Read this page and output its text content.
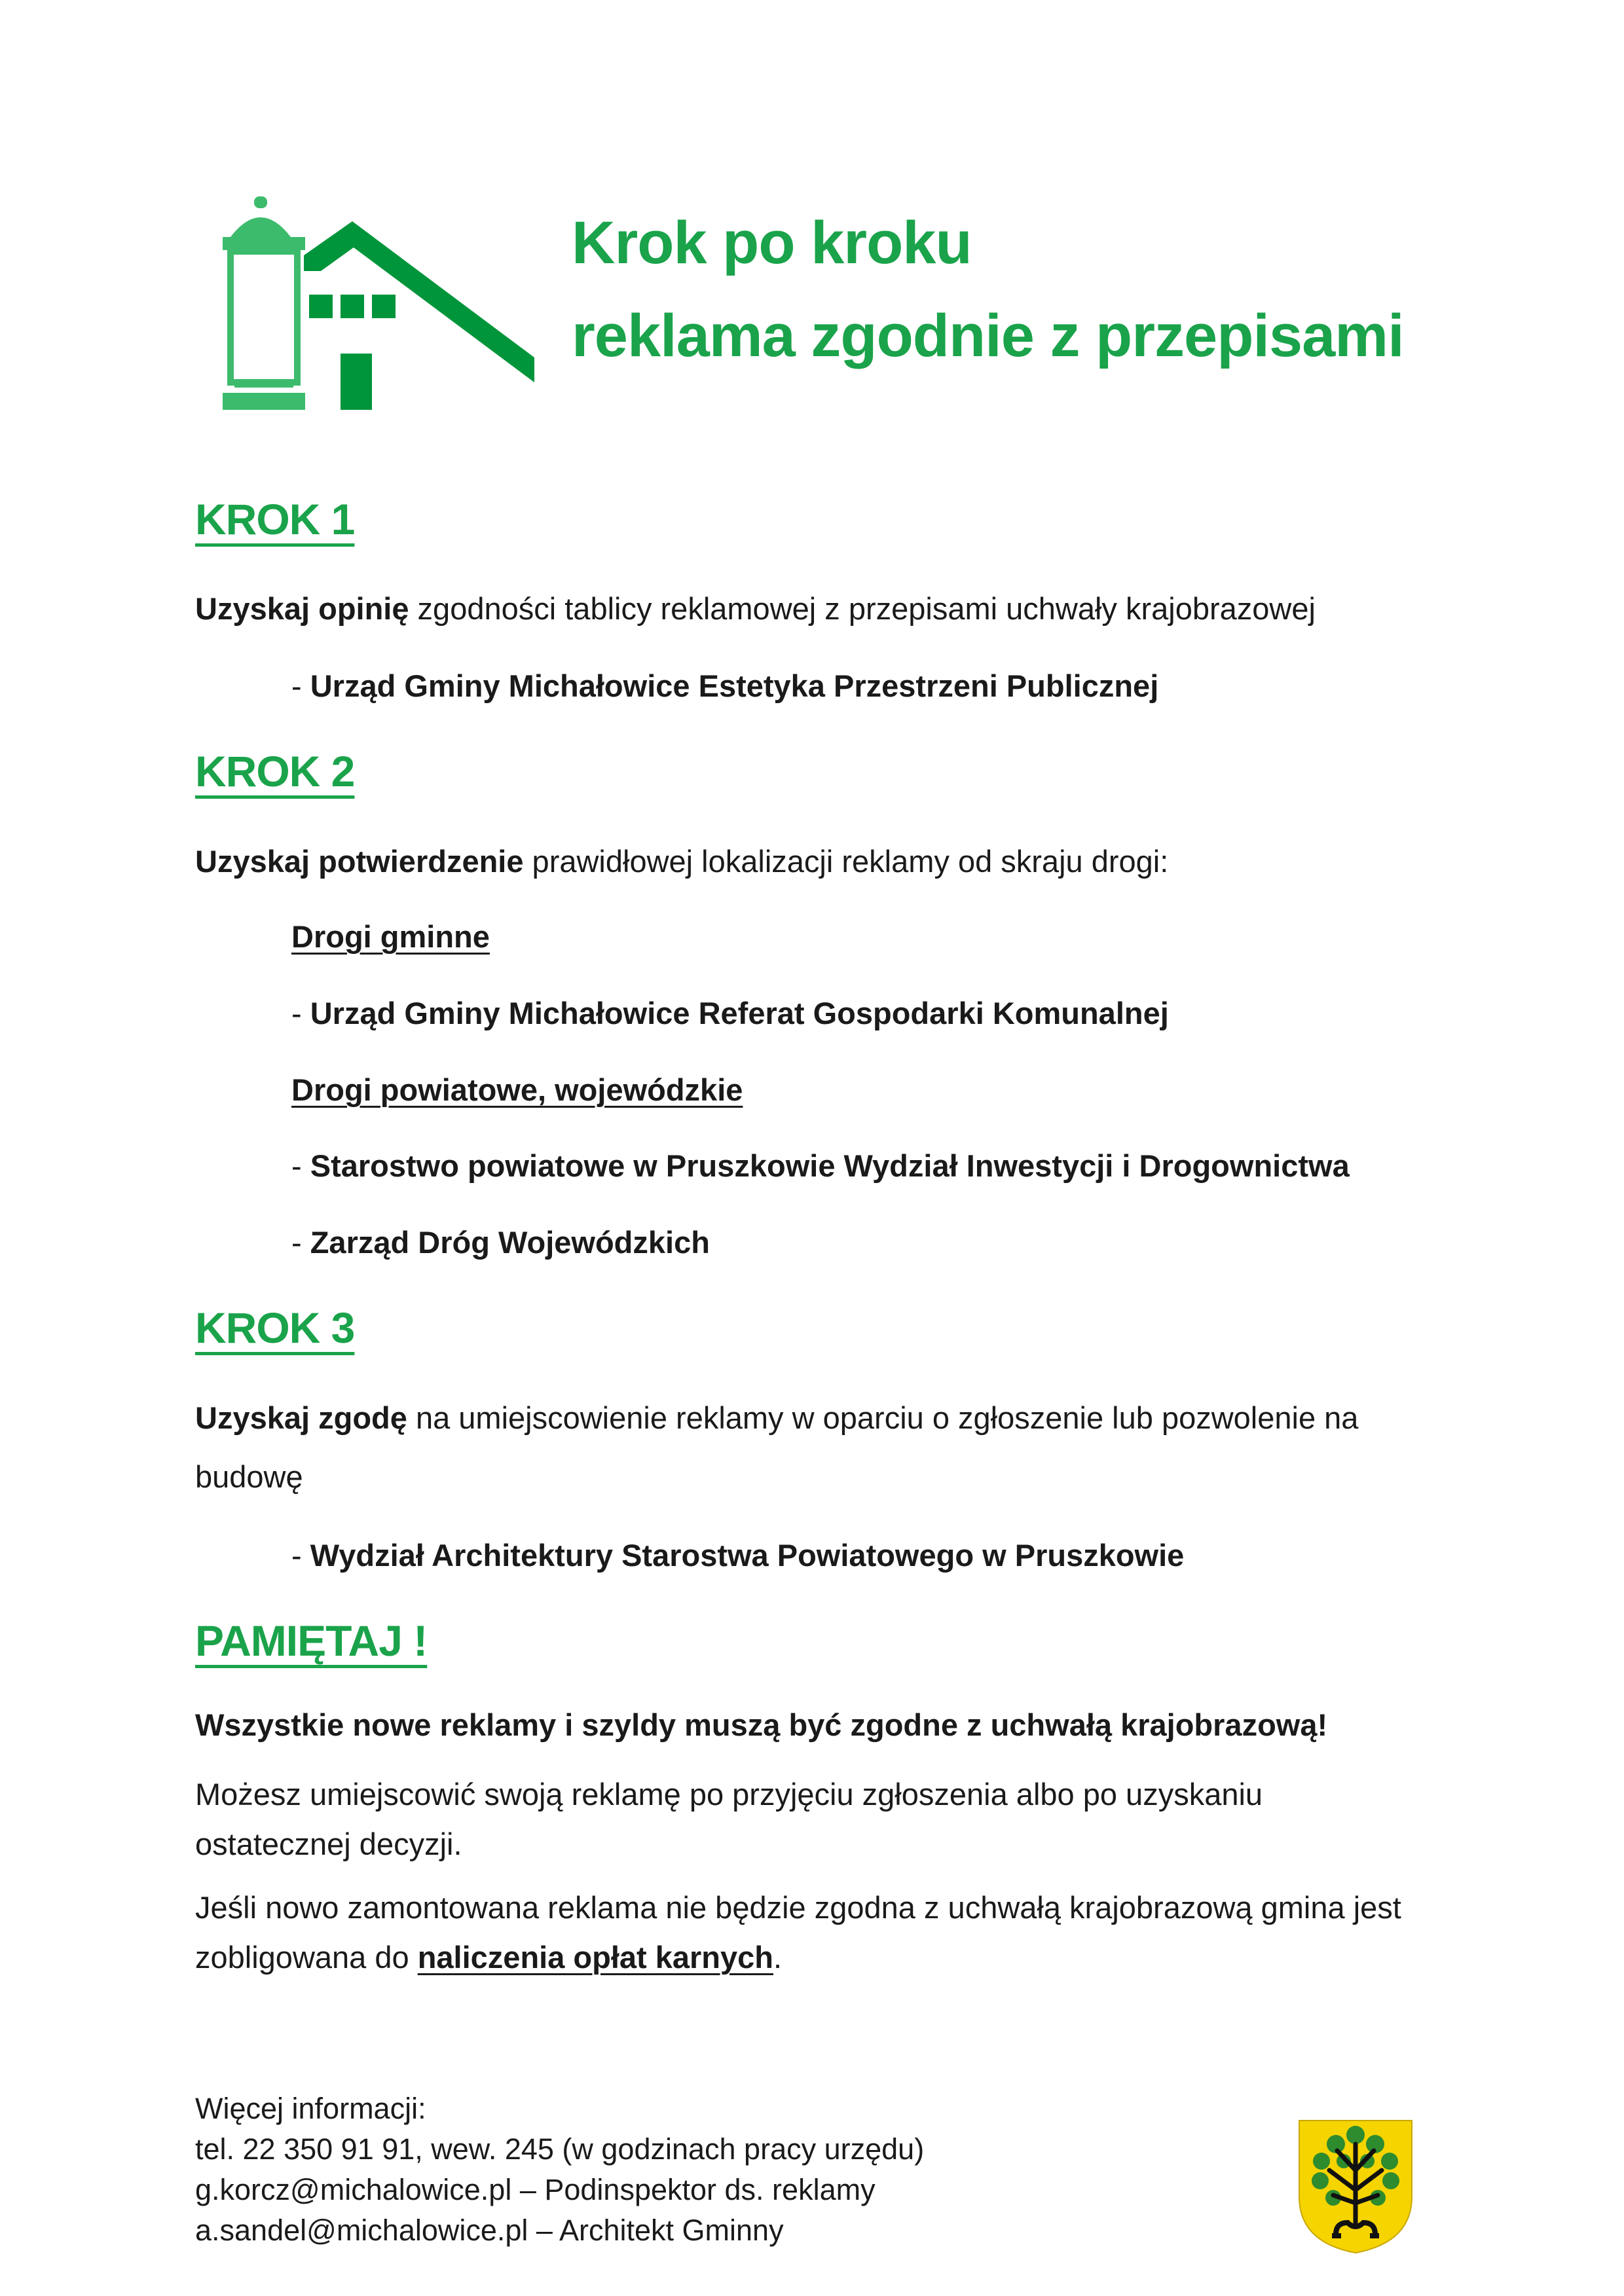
Krok po kroku
reklama zgodnie z przepisami
KROK 1
Uzyskaj opinię zgodności tablicy reklamowej z przepisami uchwały krajobrazowej
- Urząd Gminy Michałowice Estetyka Przestrzeni Publicznej
KROK 2
Uzyskaj potwierdzenie prawidłowej lokalizacji reklamy od skraju drogi:
Drogi gminne
- Urząd Gminy Michałowice Referat Gospodarki Komunalnej
Drogi powiatowe, wojewódzkie
- Starostwo powiatowe w Pruszkowie Wydział Inwestycji i Drogownictwa
- Zarząd Dróg Wojewódzkich
KROK 3
Uzyskaj zgodę na umiejscowienie reklamy w oparciu o zgłoszenie lub pozwolenie na
budowę
- Wydział Architektury Starostwa Powiatowego w Pruszkowie
PAMIĘTAJ !
Wszystkie nowe reklamy i szyldy muszą być zgodne z uchwałą krajobrazową!
Możesz umiejscowić swoją reklamę po przyjęciu zgłoszenia albo po uzyskaniu
ostatecznej decyzji.
Jeśli nowo zamontowana reklama nie będzie zgodna z uchwałą krajobrazową gmina jest
zobligowana do naliczenia opłat karnych.
Więcej informacji:
tel. 22 350 91 91, wew. 245 (w godzinach pracy urzędu)
g.korcz@michalowice.pl – Podinspektor ds. reklamy
a.sandel@michalowice.pl – Architekt Gminny
